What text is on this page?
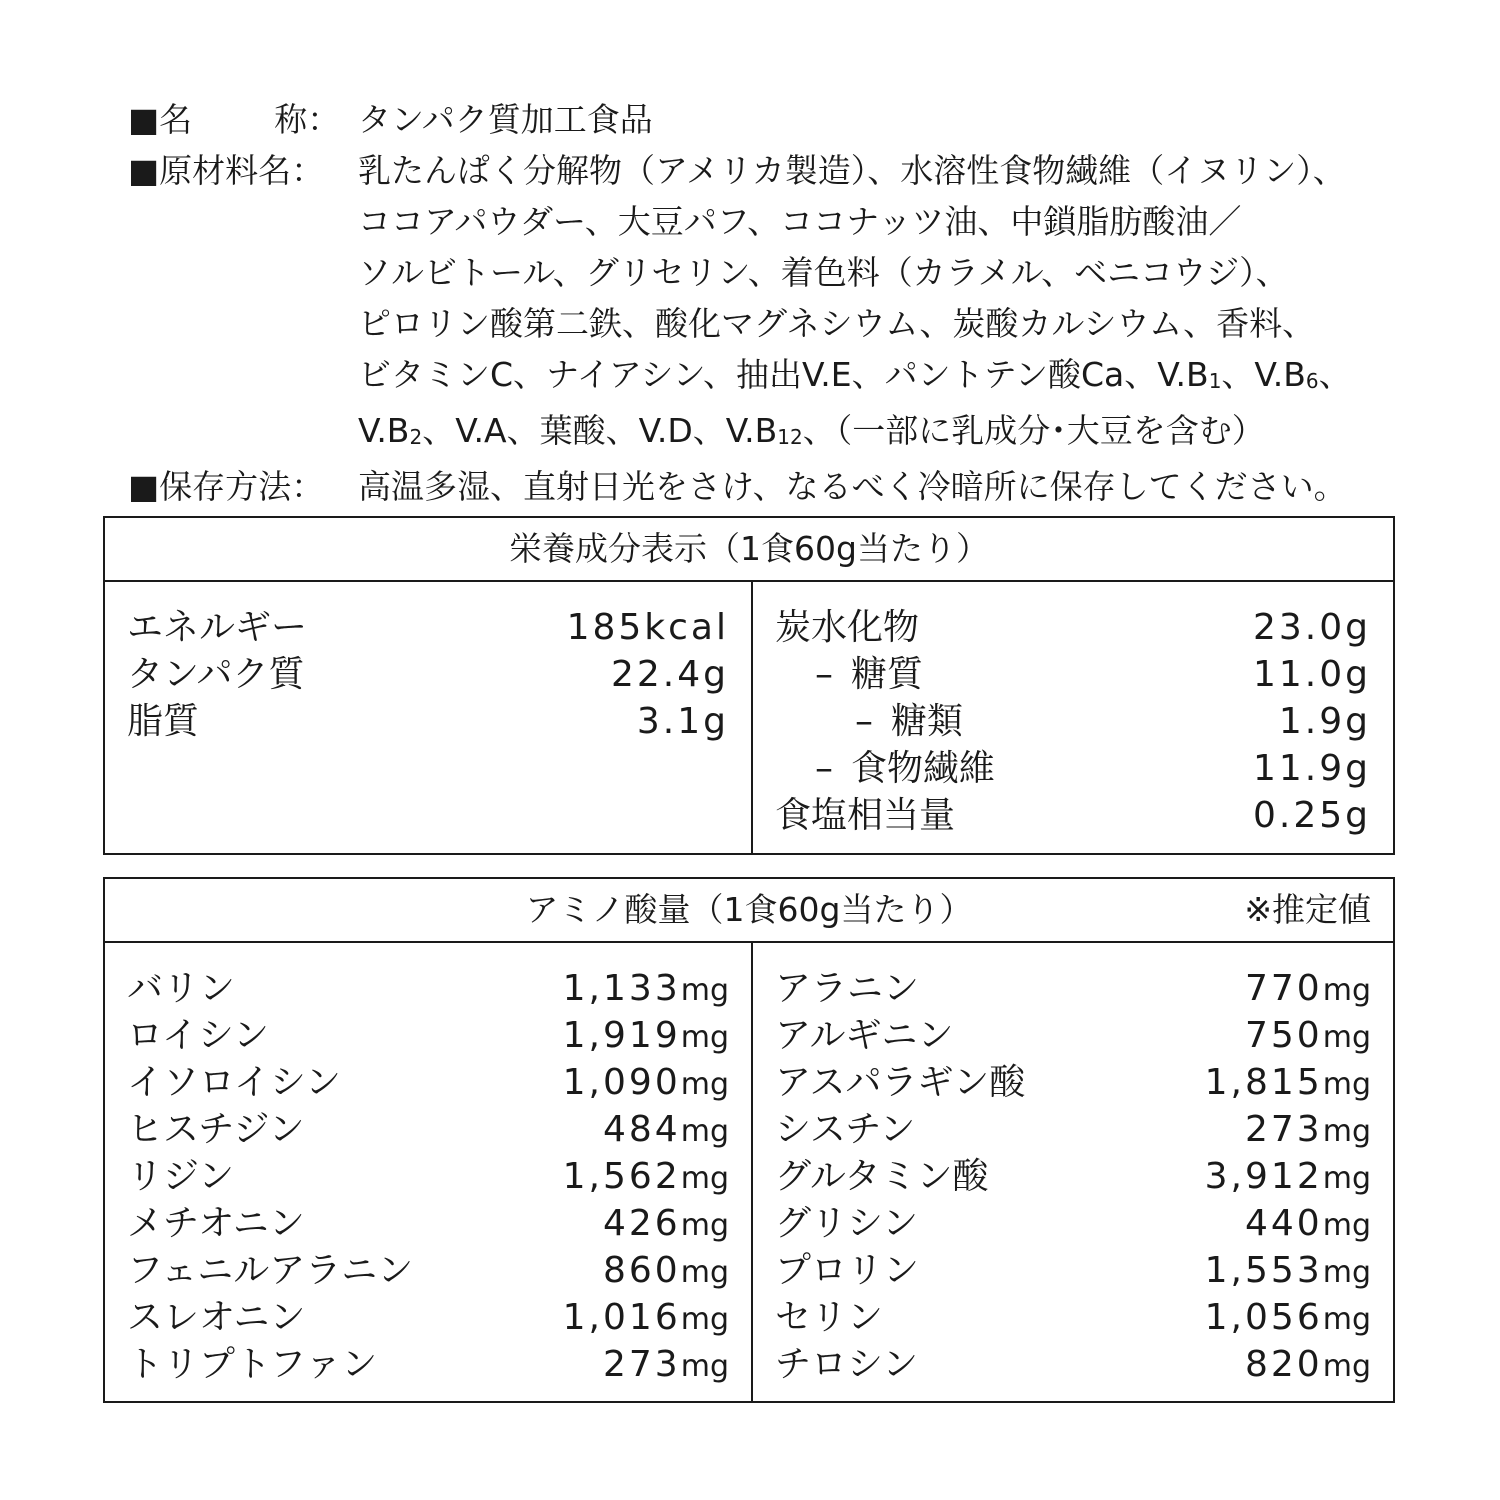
■名 称 ： タンパク質加工食品
■原材料名 ： 乳たんぱく分解物（アメリカ製造）、水溶性食物繊維（イヌリン）、
ココアパウダー、大豆パフ、ココナッツ油、中鎖脂肪酸油／
ソルビトール、グリセリン、着色料（カラメル、ベニコウジ）、
ピロリン酸第二鉄、酸化マグネシウム、炭酸カルシウム、香料、
ビタミンC、ナイアシン、抽出V.E、パントテン酸Ca、V.B1、V.B6、
V.B2、V.A、葉酸、V.D、V.B12、（一部に乳成分･大豆を含む）
■保存方法 ： 高温多湿、直射日光をさけ、なるべく冷暗所に保存してください。
栄養成分表示（1食60g当たり）
エネルギー	185kcal
タンパク質	22.4g
脂質	3.1g
炭水化物	23.0g
– 糖質	11.0g
– 糖類	1.9g
– 食物繊維	11.9g
食塩相当量	0.25g
アミノ酸量（1食60g当たり）	※推定値
バリン	1,133mg
ロイシン	1,919mg
イソロイシン	1,090mg
ヒスチジン	484mg
リジン	1,562mg
メチオニン	426mg
フェニルアラニン	860mg
スレオニン	1,016mg
トリプトファン	273mg
アラニン	770mg
アルギニン	750mg
アスパラギン酸	1,815mg
シスチン	273mg
グルタミン酸	3,912mg
グリシン	440mg
プロリン	1,553mg
セリン	1,056mg
チロシン	820mg
